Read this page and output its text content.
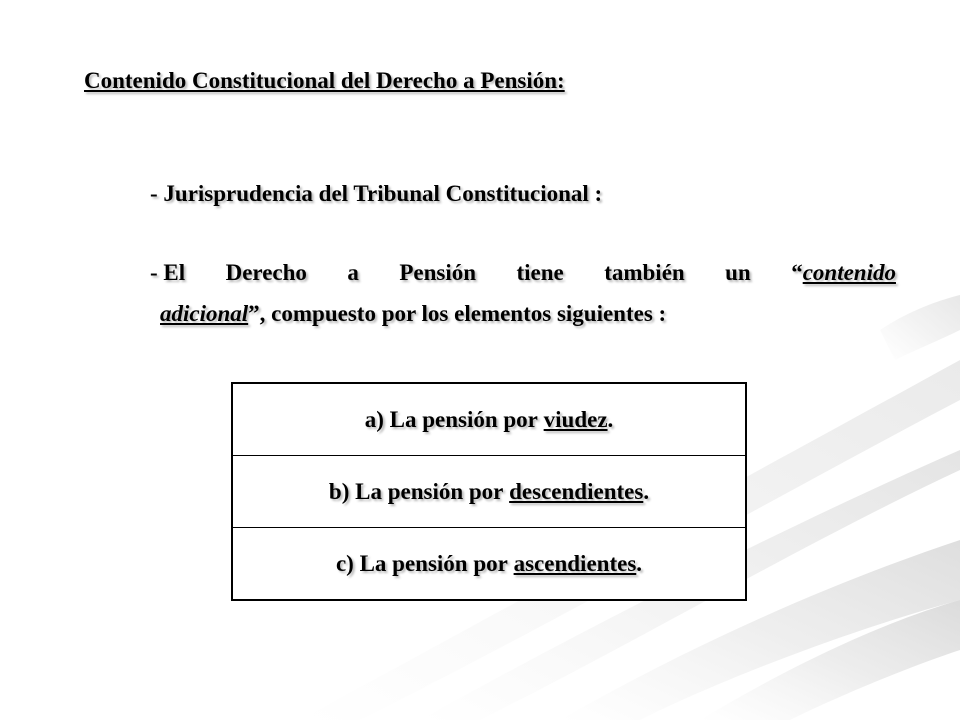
Contenido Constitucional del Derecho a Pensión:
- Jurisprudencia del Tribunal Constitucional :
- El Derecho a Pensión tiene también un “contenido
adicional”, compuesto por los elementos siguientes :
a) La pensión por
viudez .
b) La pensión por
descendientes .
c) La pensión por
ascendientes .
